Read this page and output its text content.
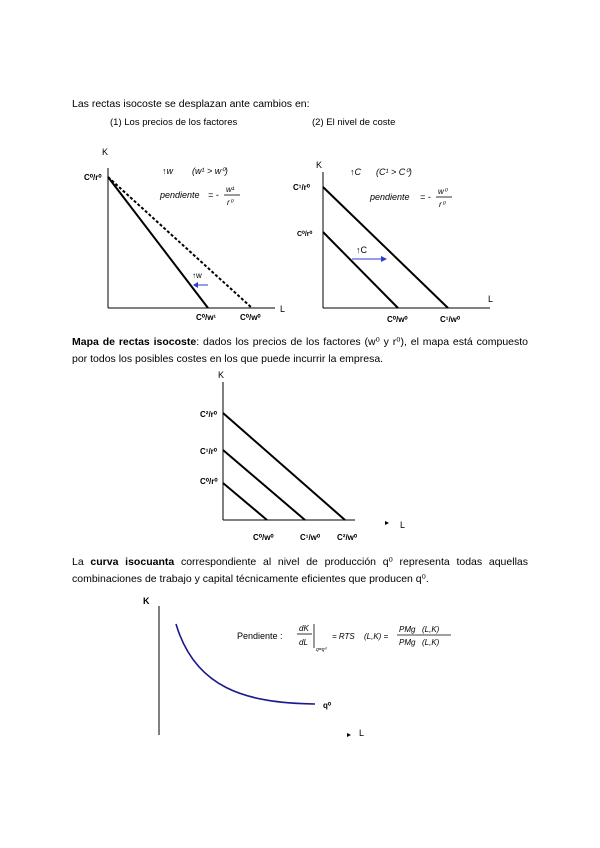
Las rectas isocoste se desplazan ante cambios en:
(1) Los precios de los factores	(2) El nivel de coste
K
L
C⁰/r⁰
C⁰/w¹	C⁰/w⁰
↑w
↑w (w¹ > w⁰)
pendiente = -
w¹
r⁰
K
L
C¹/r⁰
C⁰/r⁰
C⁰/w⁰	C¹/w⁰
↑C
↑C (C¹ > C⁰)
pendiente = -
w⁰
r⁰
Mapa de rectas isocoste: dados los precios de los factores (w⁰ y r⁰), el mapa está compuesto por todos los posibles costes en los que puede incurrir la empresa.
K
L
C²/r⁰
C¹/r⁰
C⁰/r⁰
C⁰/w⁰	C¹/w⁰ C²/w⁰
La curva isocuanta correspondiente al nivel de producción q⁰ representa todas aquellas combinaciones de trabajo y capital técnicamente eficientes que producen q⁰.
K
L
q⁰
Pendiente :
dK
dL
q=q⁰
= RTS (L,K) =
PMg (L,K)
PMg (L,K)
